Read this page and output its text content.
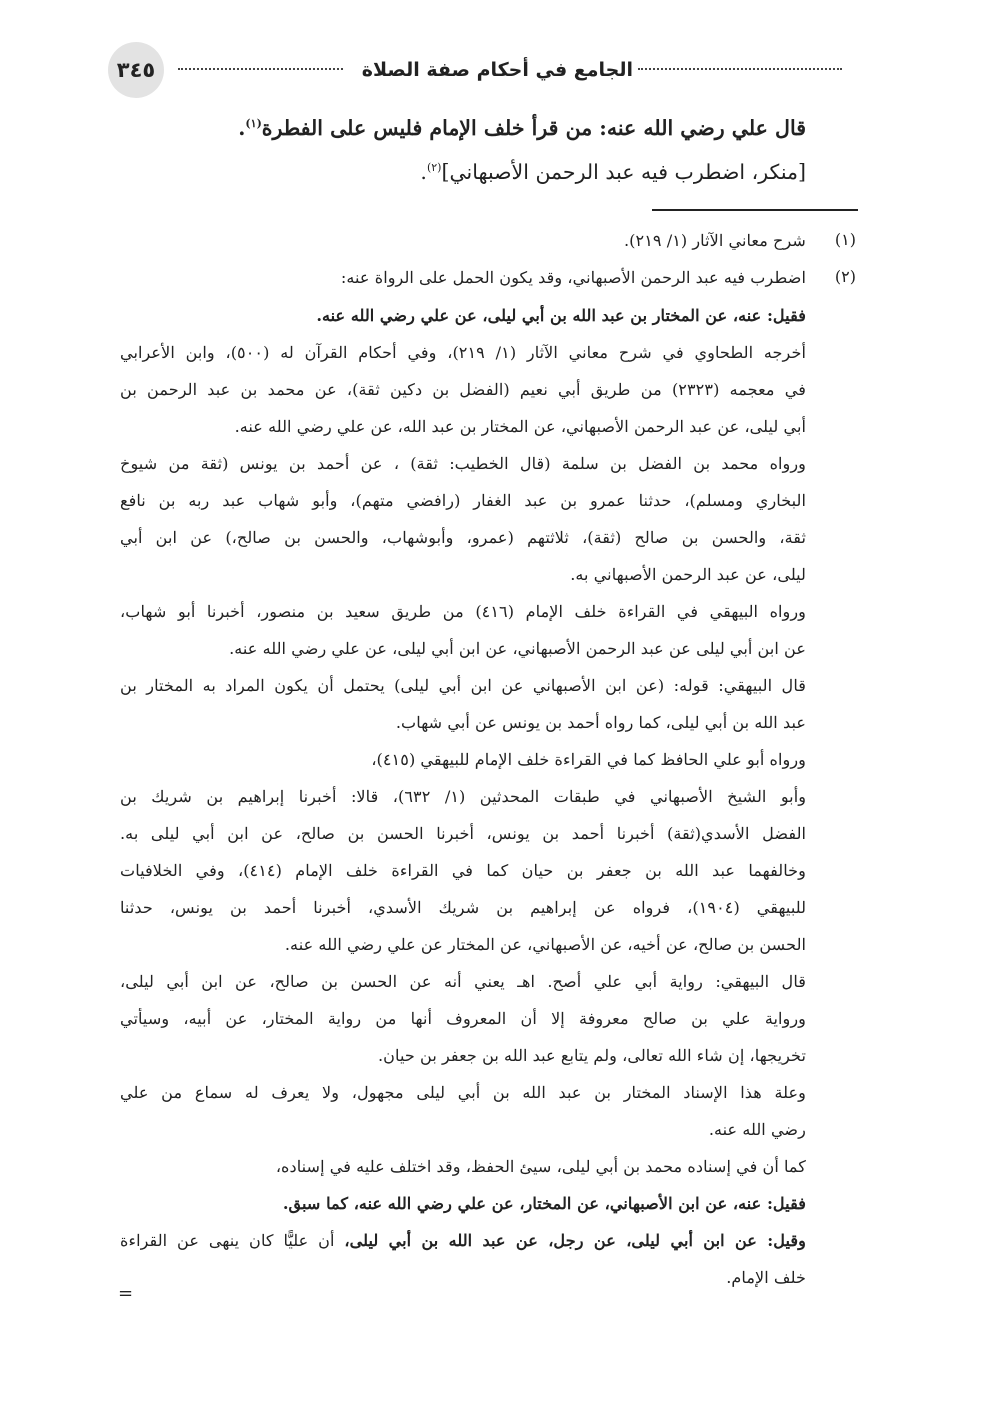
٣٤٥	الجامع في أحكام صفة الصلاة
قال علي رضي الله عنه: من قرأ خلف الإمام فليس على الفطرة$^{(١)}$.
[منكر، اضطرب فيه عبد الرحمن الأصبهاني]$^{(٢)}$.
(١)
شرح معاني الآثار (١/ ٢١٩).
(٢)
اضطرب فيه عبد الرحمن الأصبهاني، وقد يكون الحمل على الرواة عنه:
فقيل: عنه، عن المختار بن عبد الله بن أبي ليلى، عن علي رضي الله عنه.
أخرجه الطحاوي في شرح معاني الآثار (١/ ٢١٩)، وفي أحكام القرآن له (٥٠٠)، وابن الأعرابي
في معجمه (٢٣٢٣) من طريق أبي نعيم (الفضل بن دكين ثقة)، عن محمد بن عبد الرحمن بن
أبي ليلى، عن عبد الرحمن الأصبهاني، عن المختار بن عبد الله، عن علي رضي الله عنه.
ورواه محمد بن الفضل بن سلمة (قال الخطيب: ثقة) ، عن أحمد بن يونس (ثقة من شيوخ
البخاري ومسلم)، حدثنا عمرو بن عبد الغفار (رافضي متهم)، وأبو شهاب عبد ربه بن نافع
ثقة، والحسن بن صالح (ثقة)، ثلاثتهم (عمرو، وأبوشهاب، والحسن بن صالح،) عن ابن أبي
ليلى، عن عبد الرحمن الأصبهاني به.
ورواه البيهقي في القراءة خلف الإمام (٤١٦) من طريق سعيد بن منصور، أخبرنا أبو شهاب،
عن ابن أبي ليلى عن عبد الرحمن الأصبهاني، عن ابن أبي ليلى، عن علي رضي الله عنه.
قال البيهقي: قوله: (عن ابن الأصبهاني عن ابن أبي ليلى) يحتمل أن يكون المراد به المختار بن
عبد الله بن أبي ليلى، كما رواه أحمد بن يونس عن أبي شهاب.
ورواه أبو علي الحافظ كما في القراءة خلف الإمام للبيهقي (٤١٥)،
وأبو الشيخ الأصبهاني في طبقات المحدثين (١/ ٦٣٢)، قالا: أخبرنا إبراهيم بن شريك بن
الفضل الأسدي(ثقة) أخبرنا أحمد بن يونس، أخبرنا الحسن بن صالح، عن ابن أبي ليلى به.
وخالفهما عبد الله بن جعفر بن حيان كما في القراءة خلف الإمام (٤١٤)، وفي الخلافيات
للبيهقي (١٩٠٤)، فرواه عن إبراهيم بن شريك الأسدي، أخبرنا أحمد بن يونس، حدثنا
الحسن بن صالح، عن أخيه، عن الأصبهاني، عن المختار عن علي رضي الله عنه.
قال البيهقي: رواية أبي علي أصح. اهـ يعني أنه عن الحسن بن صالح، عن ابن أبي ليلى،
ورواية علي بن صالح معروفة إلا أن المعروف أنها من رواية المختار، عن أبيه، وسيأتي
تخريجها، إن شاء الله تعالى، ولم يتابع عبد الله بن جعفر بن حيان.
وعلة هذا الإسناد المختار بن عبد الله بن أبي ليلى مجهول، ولا يعرف له سماع من علي
رضي الله عنه.
كما أن في إسناده محمد بن أبي ليلى، سيئ الحفظ، وقد اختلف عليه في إسناده،
فقيل: عنه، عن ابن الأصبهاني، عن المختار، عن علي رضي الله عنه، كما سبق.
وقيل: عن ابن أبي ليلى، عن رجل، عن عبد الله بن أبي ليلى، أن عليًّا كان ينهى عن القراءة
خلف الإمام.
=
